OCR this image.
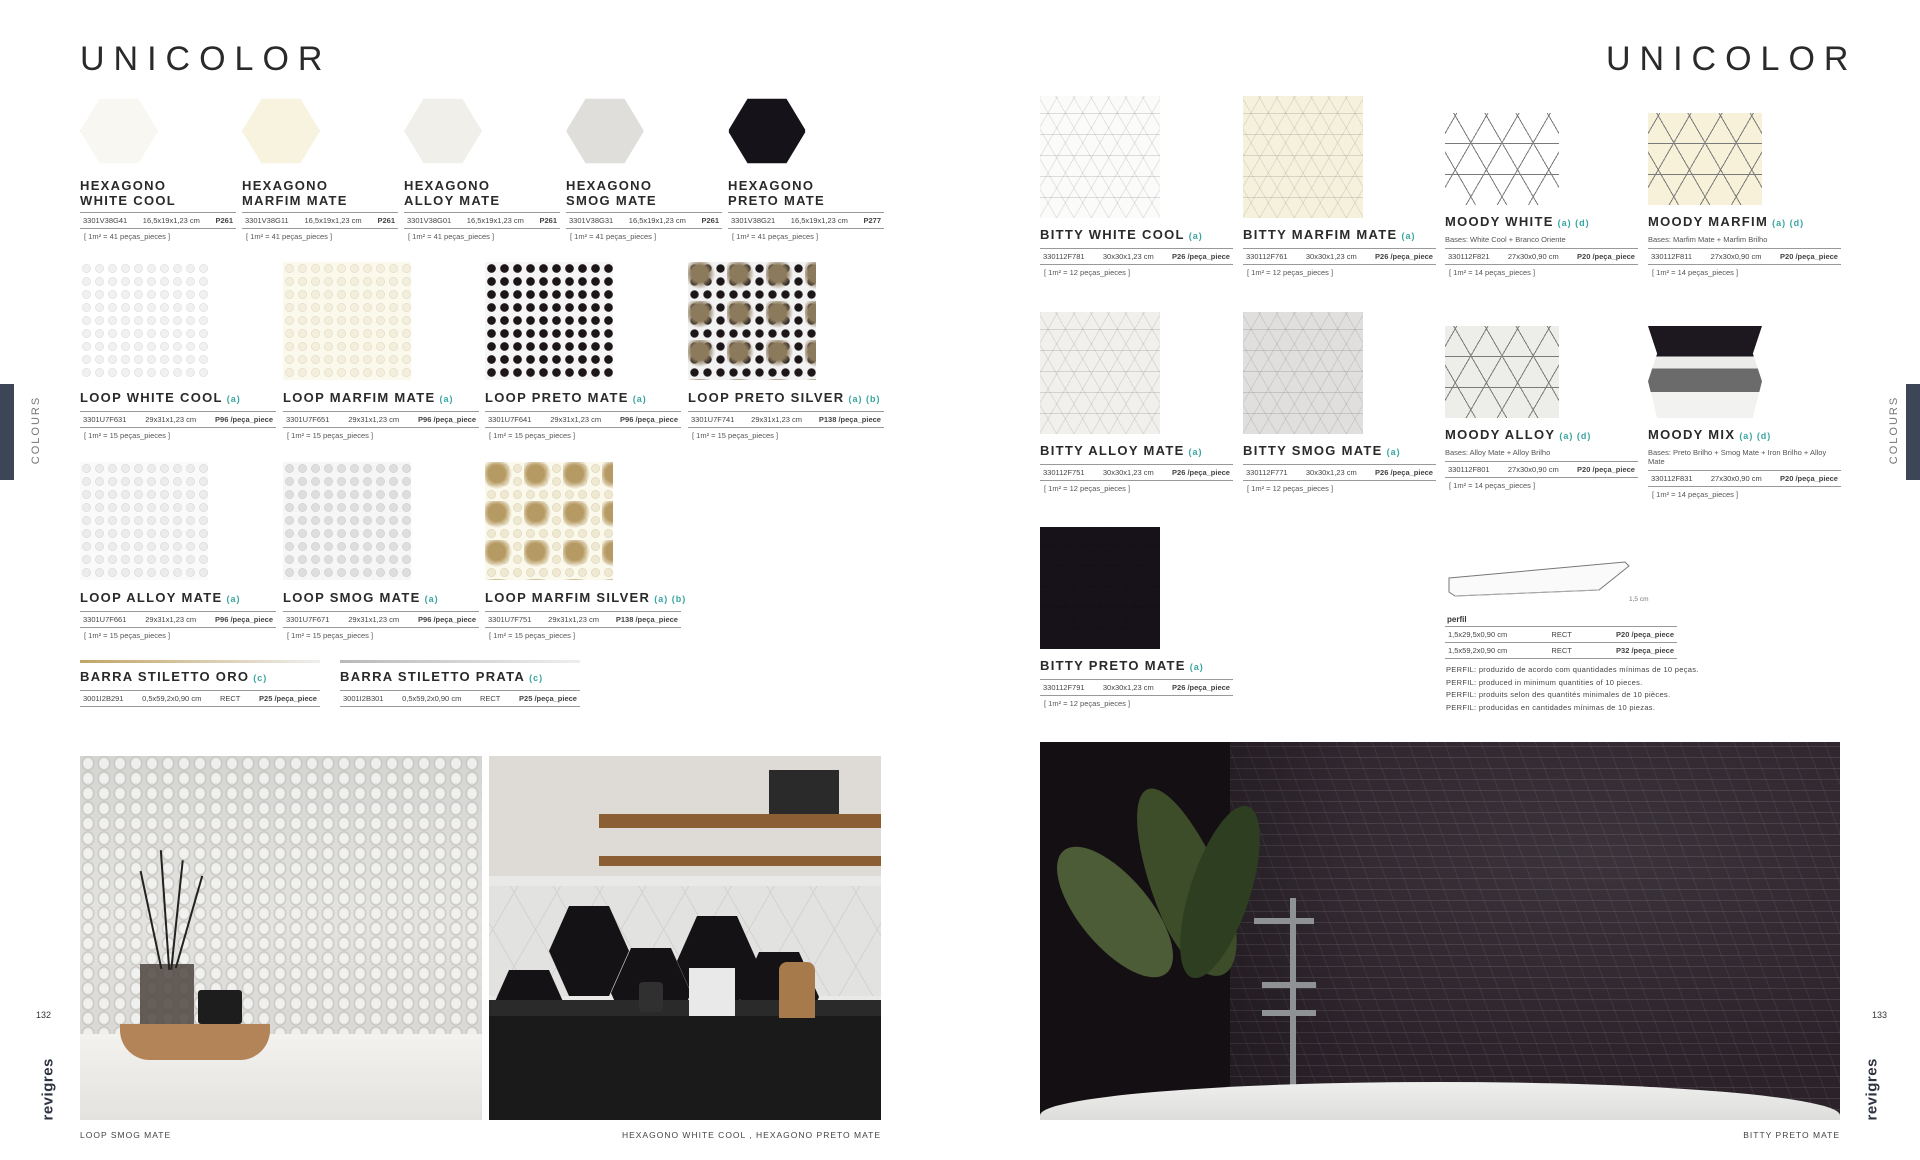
UNICOLOR
COLOURS
HEXAGONO
WHITE COOL
3301V38G41 16,5x19x1,23 cm P261
[ 1m² = 41 peças_pieces ]
HEXAGONO
MARFIM MATE
3301V38G11 16,5x19x1,23 cm P261
[ 1m² = 41 peças_pieces ]
HEXAGONO
ALLOY MATE
3301V38G01 16,5x19x1,23 cm P261
[ 1m² = 41 peças_pieces ]
HEXAGONO
SMOG MATE
3301V38G31 16,5x19x1,23 cm P261
[ 1m² = 41 peças_pieces ]
HEXAGONO
PRETO MATE
3301V38G21 16,5x19x1,23 cm P277
[ 1m² = 41 peças_pieces ]
LOOP WHITE COOL (a)
3301U7F631	29x31x1,23 cm	P96 /peça_piece
[ 1m² = 15 peças_pieces ]
LOOP MARFIM MATE (a)
3301U7F651	29x31x1,23 cm	P96 /peça_piece
[ 1m² = 15 peças_pieces ]
LOOP PRETO MATE (a)
3301U7F641	29x31x1,23 cm	P96 /peça_piece
[ 1m² = 15 peças_pieces ]
LOOP PRETO SILVER (a) (b)
3301U7F741 29x31x1,23 cm P138 /peça_piece
[ 1m² = 15 peças_pieces ]
LOOP ALLOY MATE (a)
3301U7F661	29x31x1,23 cm	P96 /peça_piece
[ 1m² = 15 peças_pieces ]
LOOP SMOG MATE (a)
3301U7F671	29x31x1,23 cm	P96 /peça_piece
[ 1m² = 15 peças_pieces ]
LOOP MARFIM SILVER (a) (b)
3301U7F751 29x31x1,23 cm P138 /peça_piece
[ 1m² = 15 peças_pieces ]
BARRA STILETTO ORO (c)
3001I2B291 0,5x59,2x0,90 cm RECT P25 /peça_piece
BARRA STILETTO PRATA (c)
3001I2B301 0,5x59,2x0,90 cm RECT P25 /peça_piece
LOOP SMOG MATE	HEXAGONO WHITE COOL , HEXAGONO PRETO MATE
132
revigres
UNICOLOR
COLOURS
BITTY WHITE COOL (a)
330112F781 30x30x1,23 cm P26 /peça_piece
[ 1m² = 12 peças_pieces ]
BITTY MARFIM MATE (a)
330112F761 30x30x1,23 cm P26 /peça_piece
[ 1m² = 12 peças_pieces ]
BITTY ALLOY MATE (a)
330112F751 30x30x1,23 cm P26 /peça_piece
[ 1m² = 12 peças_pieces ]
BITTY SMOG MATE (a)
330112F771 30x30x1,23 cm P26 /peça_piece
[ 1m² = 12 peças_pieces ]
BITTY PRETO MATE (a)
330112F791 30x30x1,23 cm P26 /peça_piece
[ 1m² = 12 peças_pieces ]
MOODY WHITE (a) (d)
Bases: White Cool + Branco Oriente
330112F821 27x30x0,90 cm P20 /peça_piece
[ 1m² = 14 peças_pieces ]
MOODY MARFIM (a) (d)
Bases: Marfim Mate + Marfim Brilho
330112F811 27x30x0,90 cm P20 /peça_piece
[ 1m² = 14 peças_pieces ]
MOODY ALLOY (a) (d)
Bases: Alloy Mate + Alloy Brilho
330112F801 27x30x0,90 cm P20 /peça_piece
[ 1m² = 14 peças_pieces ]
MOODY MIX (a) (d)
Bases: Preto Brilho + Smog Mate + Iron Brilho + Alloy Mate
330112F831 27x30x0,90 cm P20 /peça_piece
[ 1m² = 14 peças_pieces ]
1,5 cm
perfil
1,5x29,5x0,90 cm	RECT	P20 /peça_piece
1,5x59,2x0,90 cm	RECT	P32 /peça_piece
PERFIL: produzido de acordo com quantidades mínimas de 10 peças.
PERFIL: produced in minimum quantities of 10 pieces.
PERFIL: produits selon des quantités minimales de 10 pièces.
PERFIL: producidas en cantidades mínimas de 10 piezas.
BITTY PRETO MATE
133
revigres
